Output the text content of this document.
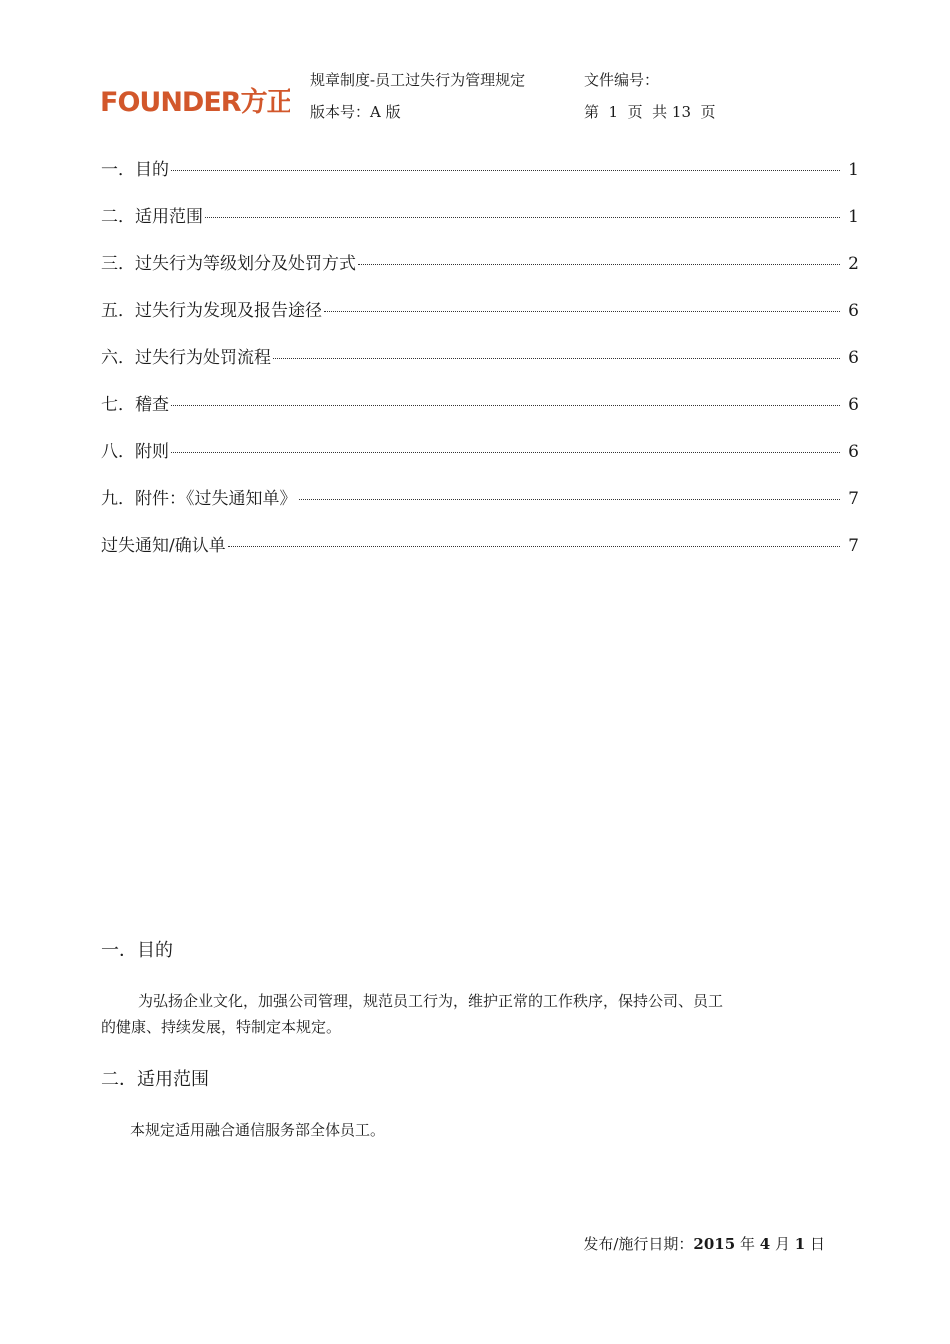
FOUNDER方正
规章制度-员工过失行为管理规定	文件编号：
版本号：A 版	第  1  页  共 13  页
一．目的	1
二．适用范围	1
三．过失行为等级划分及处罚方式	2
五．过失行为发现及报告途径	6
六．过失行为处罚流程	6
七．稽查	6
八．附则	6
九．附件：《过失通知单》	7
过失通知/确认单	7
一．目的
为弘扬企业文化，加强公司管理，规范员工行为，维护正常的工作秩序，保持公司、员工
的健康、持续发展，特制定本规定。
二．适用范围
本规定适用融合通信服务部全体员工。
发布/施行日期：2015 年 4 月 1 日
